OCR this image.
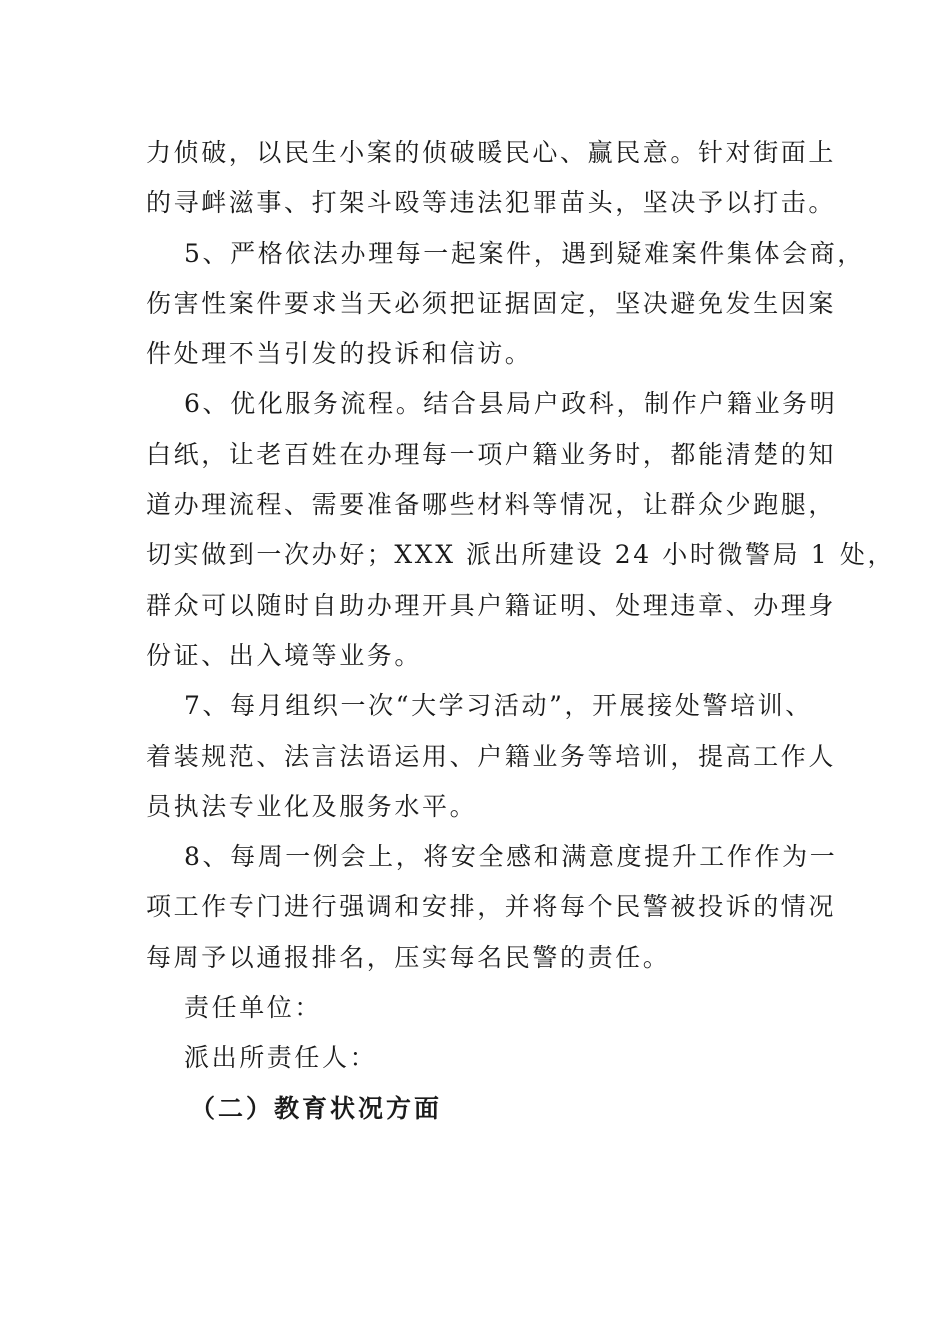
力侦破，以民生小案的侦破暖民心、赢民意。针对街面上
的寻衅滋事、打架斗殴等违法犯罪苗头，坚决予以打击。
5、严格依法办理每一起案件，遇到疑难案件集体会商，
伤害性案件要求当天必须把证据固定，坚决避免发生因案
件处理不当引发的投诉和信访。
6、优化服务流程。结合县局户政科，制作户籍业务明
白纸，让老百姓在办理每一项户籍业务时，都能清楚的知
道办理流程、需要准备哪些材料等情况，让群众少跑腿，
切实做到一次办好；XXX 派出所建设 24 小时微警局 1 处，
群众可以随时自助办理开具户籍证明、处理违章、办理身
份证、出入境等业务。
7、每月组织一次“大学习活动”，开展接处警培训、
着装规范、法言法语运用、户籍业务等培训，提高工作人
员执法专业化及服务水平。
8、每周一例会上，将安全感和满意度提升工作作为一
项工作专门进行强调和安排，并将每个民警被投诉的情况
每周予以通报排名，压实每名民警的责任。
责任单位：
派出所责任人：
（二）教育状况方面
